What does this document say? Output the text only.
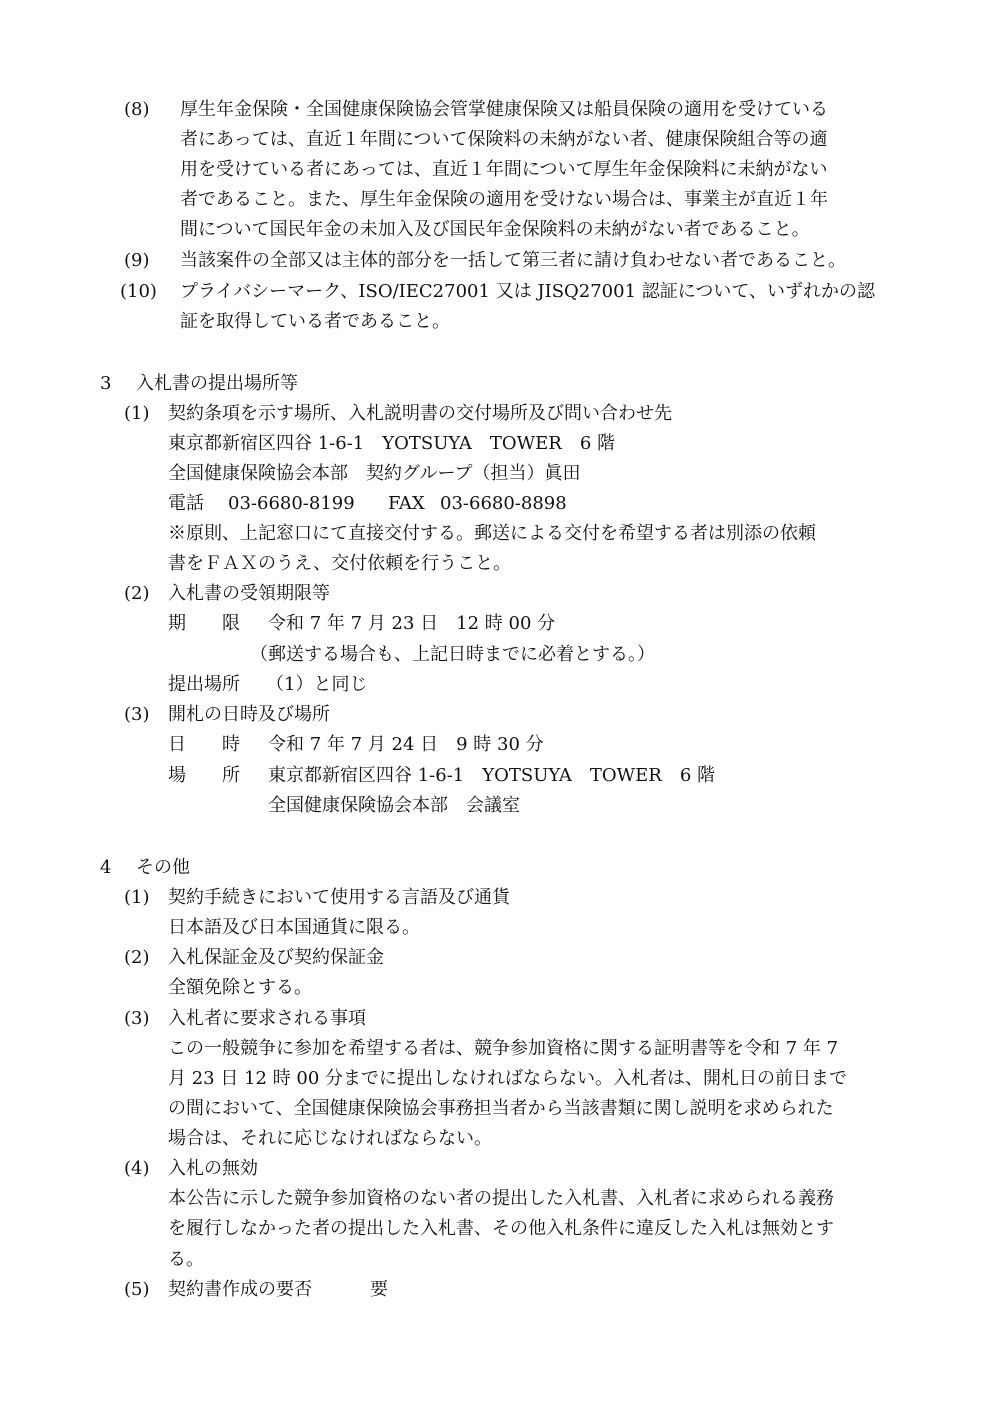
(8) 厚生年金保険・全国健康保険協会管掌健康保険又は船員保険の適用を受けている
者にあっては、直近１年間について保険料の未納がない者、健康保険組合等の適
用を受けている者にあっては、直近１年間について厚生年金保険料に未納がない
者であること。また、厚生年金保険の適用を受けない場合は、事業主が直近１年
間について国民年金の未加入及び国民年金保険料の未納がない者であること。
(9) 当該案件の全部又は主体的部分を一括して第三者に請け負わせない者であること。
(10) プライバシーマーク、ISO/IEC27001 又は JISQ27001 認証について、いずれかの認
証を取得している者であること。
3 入札書の提出場所等
(1) 契約条項を示す場所、入札説明書の交付場所及び問い合わせ先
東京都新宿区四谷 1-6-1　YOTSUYA　TOWER　6 階
全国健康保険協会本部　契約グループ（担当）眞田
電話 03-6680-8199 FAX 03-6680-8898
※原則、上記窓口にて直接交付する。郵送による交付を希望する者は別添の依頼
書をＦＡＸのうえ、交付依頼を行うこと。
(2) 入札書の受領期限等
期　　限 令和 7 年 7 月 23 日　12 時 00 分
（郵送する場合も、上記日時までに必着とする。）
提出場所 （1）と同じ
(3) 開札の日時及び場所
日　　時 令和 7 年 7 月 24 日　9 時 30 分
場　　所 東京都新宿区四谷 1-6-1　YOTSUYA　TOWER　6 階
全国健康保険協会本部　会議室
4 その他
(1) 契約手続きにおいて使用する言語及び通貨
日本語及び日本国通貨に限る。
(2) 入札保証金及び契約保証金
全額免除とする。
(3) 入札者に要求される事項
この一般競争に参加を希望する者は、競争参加資格に関する証明書等を令和 7 年 7
月 23 日 12 時 00 分までに提出しなければならない。入札者は、開札日の前日まで
の間において、全国健康保険協会事務担当者から当該書類に関し説明を求められた
場合は、それに応じなければならない。
(4) 入札の無効
本公告に示した競争参加資格のない者の提出した入札書、入札者に求められる義務
を履行しなかった者の提出した入札書、その他入札条件に違反した入札は無効とす
る。
(5) 契約書作成の要否	要
